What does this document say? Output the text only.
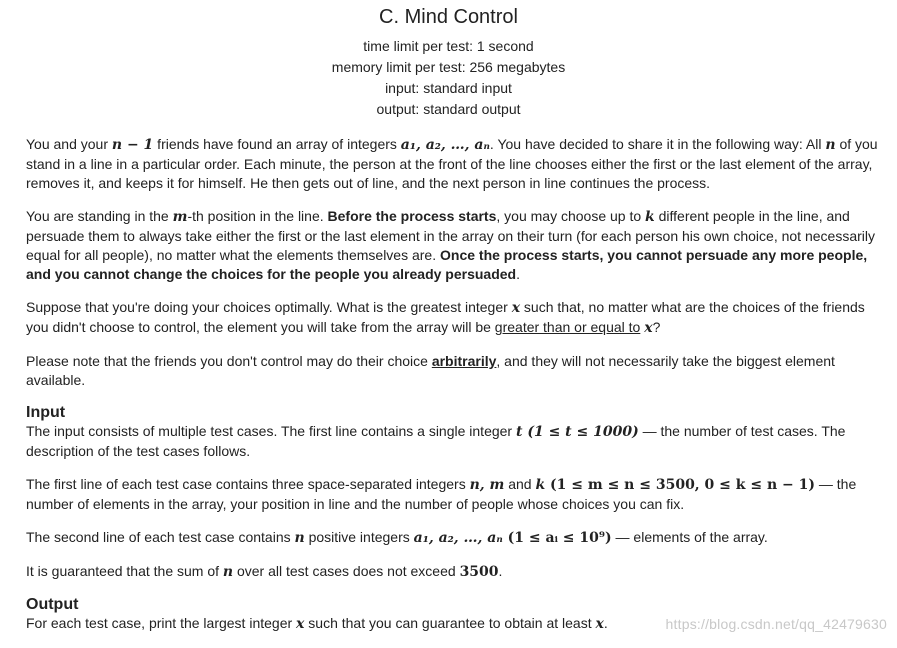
C. Mind Control
time limit per test: 1 second
memory limit per test: 256 megabytes
input: standard input
output: standard output

You and your n − 1 friends have found an array of integers a₁, a₂, …, aₙ. You have decided to share it in the following way: All n of you stand in a line in a particular order. Each minute, the person at the front of the line chooses either the first or the last element of the array, removes it, and keeps it for himself. He then gets out of line, and the next person in line continues the process.

You are standing in the m-th position in the line. Before the process starts, you may choose up to k different people in the line, and persuade them to always take either the first or the last element in the array on their turn (for each person his own choice, not necessarily equal for all people), no matter what the elements themselves are. Once the process starts, you cannot persuade any more people, and you cannot change the choices for the people you already persuaded.

Suppose that you're doing your choices optimally. What is the greatest integer x such that, no matter what are the choices of the friends you didn't choose to control, the element you will take from the array will be greater than or equal to x?

Please note that the friends you don't control may do their choice arbitrarily, and they will not necessarily take the biggest element available.

Input

The input consists of multiple test cases. The first line contains a single integer t (1 ≤ t ≤ 1000) — the number of test cases. The description of the test cases follows.

The first line of each test case contains three space-separated integers n, m and k (1 ≤ m ≤ n ≤ 3500, 0 ≤ k ≤ n − 1) — the number of elements in the array, your position in line and the number of people whose choices you can fix.

The second line of each test case contains n positive integers a₁, a₂, …, aₙ (1 ≤ aᵢ ≤ 10⁹) — elements of the array.

It is guaranteed that the sum of n over all test cases does not exceed 3500.

Output

For each test case, print the largest integer x such that you can guarantee to obtain at least x.	https://blog.csdn.net/qq_42479630
